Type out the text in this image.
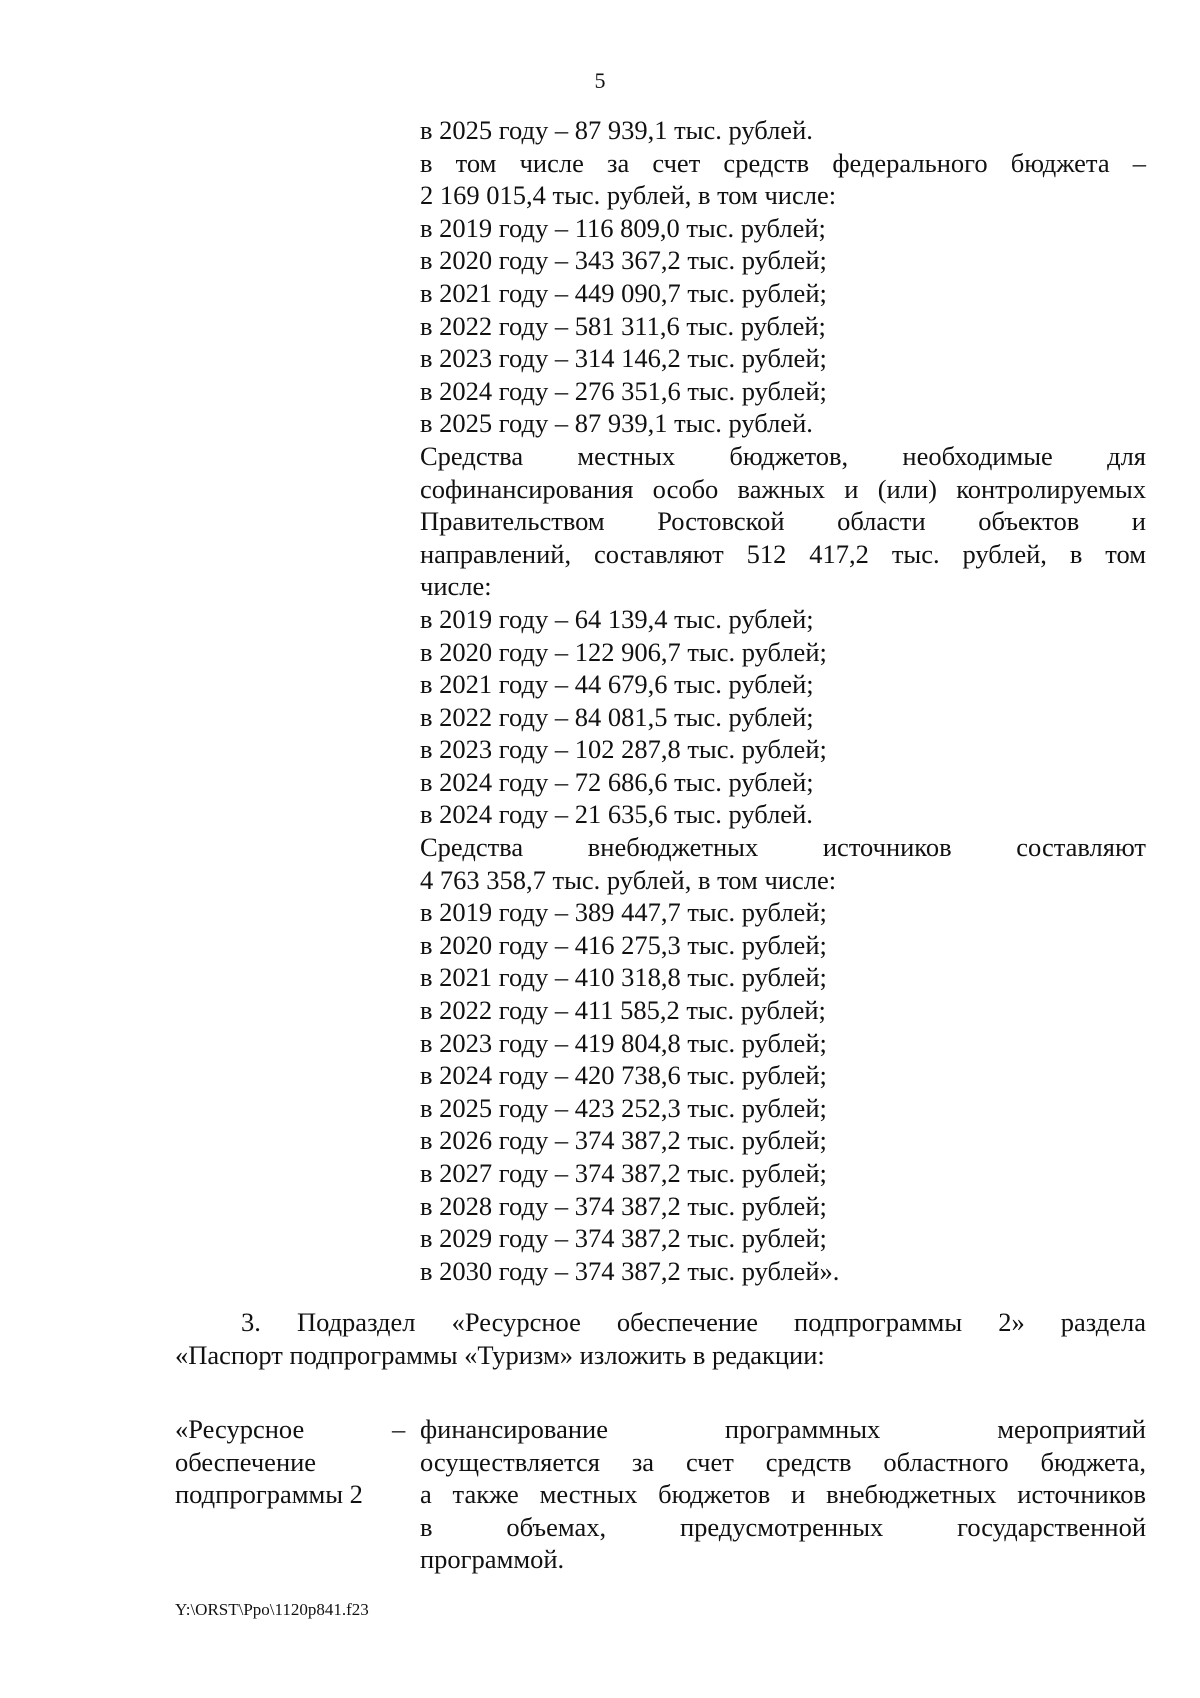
5

в 2025 году – 87 939,1 тыс. рублей.

в том числе за счет средств федерального бюджета –

2 169 015,4 тыс. рублей, в том числе:

в 2019 году – 116 809,0 тыс. рублей;

в 2020 году – 343 367,2 тыс. рублей;

в 2021 году – 449 090,7 тыс. рублей;

в 2022 году – 581 311,6 тыс. рублей;

в 2023 году – 314 146,2 тыс. рублей;

в 2024 году – 276 351,6 тыс. рублей;

в 2025 году – 87 939,1 тыс. рублей.

Средства местных бюджетов, необходимые для

софинансирования особо важных и (или) контролируемых

Правительством Ростовской области объектов и

направлений, составляют 512 417,2 тыс. рублей, в том

числе:

в 2019 году – 64 139,4 тыс. рублей;

в 2020 году – 122 906,7 тыс. рублей;

в 2021 году – 44 679,6 тыс. рублей;

в 2022 году – 84 081,5 тыс. рублей;

в 2023 году – 102 287,8 тыс. рублей;

в 2024 году – 72 686,6 тыс. рублей;

в 2024 году – 21 635,6 тыс. рублей.

Средства внебюджетных источников составляют

4 763 358,7 тыс. рублей, в том числе:

в 2019 году – 389 447,7 тыс. рублей;

в 2020 году – 416 275,3 тыс. рублей;

в 2021 году – 410 318,8 тыс. рублей;

в 2022 году – 411 585,2 тыс. рублей;

в 2023 году – 419 804,8 тыс. рублей;

в 2024 году – 420 738,6 тыс. рублей;

в 2025 году – 423 252,3 тыс. рублей;

в 2026 году – 374 387,2 тыс. рублей;

в 2027 году – 374 387,2 тыс. рублей;

в 2028 году – 374 387,2 тыс. рублей;

в 2029 году – 374 387,2 тыс. рублей;

в 2030 году – 374 387,2 тыс. рублей».

3. Подраздел «Ресурсное обеспечение подпрограммы 2» раздела

«Паспорт подпрограммы «Туризм» изложить в редакции:

«Ресурсное

обеспечение

подпрограммы 2

– финансирование программных мероприятий

осуществляется за счет средств областного бюджета,

а также местных бюджетов и внебюджетных источников

в объемах, предусмотренных государственной

программой.

Y:\ORST\Ppo\1120p841.f23
